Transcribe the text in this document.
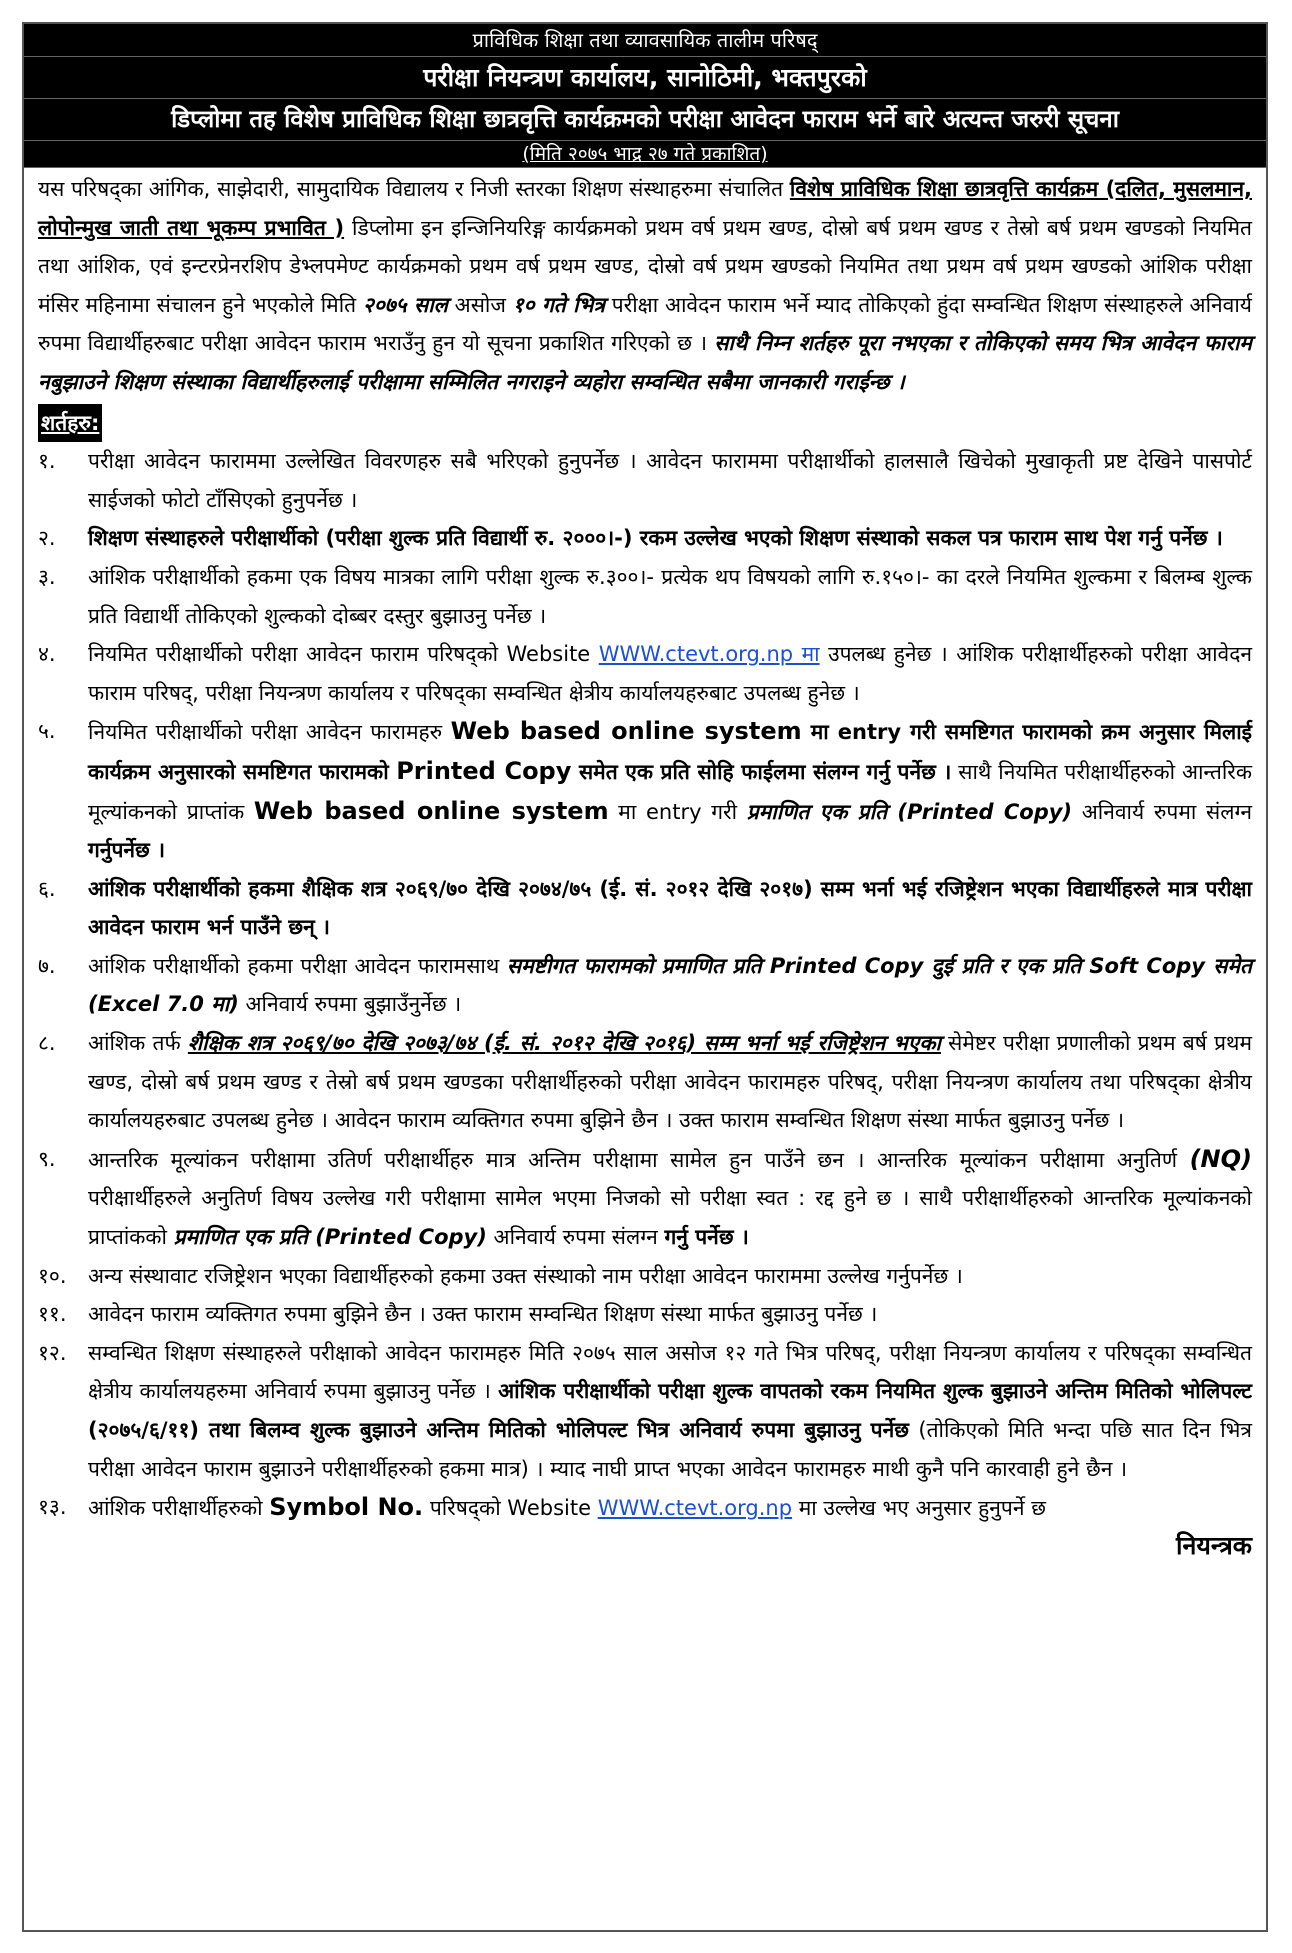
प्राविधिक शिक्षा तथा व्यावसायिक तालीम परिषद्
परीक्षा नियन्त्रण कार्यालय, सानोठिमी, भक्तपुरको
डिप्लोमा तह विशेष प्राविधिक शिक्षा छात्रवृत्ति कार्यक्रमको परीक्षा आवेदन फाराम भर्ने बारे अत्यन्त जरुरी सूचना
(मिति २०७५ भाद्र २७ गते प्रकाशित)
यस परिषद्का आंगिक, साझेदारी, सामुदायिक विद्यालय र निजी स्तरका शिक्षण संस्थाहरुमा संचालित विशेष प्राविधिक शिक्षा छात्रवृत्ति कार्यक्रम (दलित, मुसलमान, लोपोन्मुख जाती तथा भूकम्प प्रभावित ) डिप्लोमा इन इन्जिनियरिङ्ग कार्यक्रमको प्रथम वर्ष प्रथम खण्ड, दोस्रो बर्ष प्रथम खण्ड र तेस्रो बर्ष प्रथम खण्डको नियमित तथा आंशिक, एवं इन्टरप्रेनरशिप डेभ्लपमेण्ट कार्यक्रमको प्रथम वर्ष प्रथम खण्ड, दोस्रो वर्ष प्रथम खण्डको नियमित तथा प्रथम वर्ष प्रथम खण्डको आंशिक परीक्षा मंसिर महिनामा संचालन हुने भएकोले मिति २०७५ साल असोज १० गते भित्र परीक्षा आवेदन फाराम भर्ने म्याद तोकिएको हुंदा सम्वन्धित शिक्षण संस्थाहरुले अनिवार्य रुपमा विद्यार्थीहरुबाट परीक्षा आवेदन फाराम भराउँनु हुन यो सूचना प्रकाशित गरिएको छ । साथै निम्न शर्तहरु पूरा नभएका र तोकिएको समय भित्र आवेदन फाराम नबुझाउने शिक्षण संस्थाका विद्यार्थीहरुलाई परीक्षामा सम्मिलित नगराइने व्यहोरा सम्वन्धित सबैमा जानकारी गराईन्छ ।
शर्तहरु:
१.	परीक्षा आवेदन फाराममा उल्लेखित विवरणहरु सबै भरिएको हुनुपर्नेछ । आवेदन फाराममा परीक्षार्थीको हालसालै खिचेको मुखाकृती प्रष्ट देखिने पासपोर्ट साईजको फोटो टाँसिएको हुनुपर्नेछ ।
२.	शिक्षण संस्थाहरुले परीक्षार्थीको (परीक्षा शुल्क प्रति विद्यार्थी रु. २०००।-) रकम उल्लेख भएको शिक्षण संस्थाको सकल पत्र फाराम साथ पेश गर्नु पर्नेछ ।
३.	आंशिक परीक्षार्थीको हकमा एक विषय मात्रका लागि परीक्षा शुल्क रु.३००।- प्रत्येक थप विषयको लागि रु.१५०।- का दरले नियमित शुल्कमा र बिलम्ब शुल्क प्रति विद्यार्थी तोकिएको शुल्कको दोब्बर दस्तुर बुझाउनु पर्नेछ ।
४.	नियमित परीक्षार्थीको परीक्षा आवेदन फाराम परिषद्को Website WWW.ctevt.org.np मा उपलब्ध हुनेछ । आंशिक परीक्षार्थीहरुको परीक्षा आवेदन फाराम परिषद्, परीक्षा नियन्त्रण कार्यालय र परिषद्का सम्वन्धित क्षेत्रीय कार्यालयहरुबाट उपलब्ध हुनेछ ।
५.	नियमित परीक्षार्थीको परीक्षा आवेदन फारामहरु Web based online system मा entry गरी समष्टिगत फारामको क्रम अनुसार मिलाई कार्यक्रम अनुसारको समष्टिगत फारामको Printed Copy समेत एक प्रति सोहि फाईलमा संलग्न गर्नु पर्नेछ । साथै नियमित परीक्षार्थीहरुको आन्तरिक मूल्यांकनको प्राप्तांक Web based online system मा entry गरी प्रमाणित एक प्रति (Printed Copy) अनिवार्य रुपमा संलग्न गर्नुपर्नेछ ।
६.	आंशिक परीक्षार्थीको हकमा शैक्षिक शत्र २०६९/७० देखि २०७४/७५ (ई. सं. २०१२ देखि २०१७) सम्म भर्ना भई रजिष्ट्रेशन भएका विद्यार्थीहरुले मात्र परीक्षा आवेदन फाराम भर्न पाउँने छन् ।
७.	आंशिक परीक्षार्थीको हकमा परीक्षा आवेदन फारामसाथ समष्टीगत फारामको प्रमाणित प्रति Printed Copy दुई प्रति र एक प्रति Soft Copy समेत (Excel 7.0 मा) अनिवार्य रुपमा बुझाउँनुर्नेछ ।
८.	आंशिक तर्फ शैक्षिक शत्र २०६९/७० देखि २०७३/७४ (ई. सं. २०१२ देखि २०१६) सम्म भर्ना भई रजिष्ट्रेशन भएका सेमेष्टर परीक्षा प्रणालीको प्रथम बर्ष प्रथम खण्ड, दोस्रो बर्ष प्रथम खण्ड र तेस्रो बर्ष प्रथम खण्डका परीक्षार्थीहरुको परीक्षा आवेदन फारामहरु परिषद्, परीक्षा नियन्त्रण कार्यालय तथा परिषद्का क्षेत्रीय कार्यालयहरुबाट उपलब्ध हुनेछ । आवेदन फाराम व्यक्तिगत रुपमा बुझिने छैन । उक्त फाराम सम्वन्धित शिक्षण संस्था मार्फत बुझाउनु पर्नेछ ।
९.	आन्तरिक मूल्यांकन परीक्षामा उतिर्ण परीक्षार्थीहरु मात्र अन्तिम परीक्षामा सामेल हुन पाउँने छन । आन्तरिक मूल्यांकन परीक्षामा अनुतिर्ण (NQ) परीक्षार्थीहरुले अनुतिर्ण विषय उल्लेख गरी परीक्षामा सामेल भएमा निजको सो परीक्षा स्वत : रद्द हुने छ । साथै परीक्षार्थीहरुको आन्तरिक मूल्यांकनको प्राप्तांकको प्रमाणित एक प्रति (Printed Copy) अनिवार्य रुपमा संलग्न गर्नु पर्नेछ ।
१०.	अन्य संस्थावाट रजिष्ट्रेशन भएका विद्यार्थीहरुको हकमा उक्त संस्थाको नाम परीक्षा आवेदन फाराममा उल्लेख गर्नुपर्नेछ ।
११.	आवेदन फाराम व्यक्तिगत रुपमा बुझिने छैन । उक्त फाराम सम्वन्धित शिक्षण संस्था मार्फत बुझाउनु पर्नेछ ।
१२.	सम्वन्धित शिक्षण संस्थाहरुले परीक्षाको आवेदन फारामहरु मिति २०७५ साल असोज १२ गते भित्र परिषद्, परीक्षा नियन्त्रण कार्यालय र परिषद्का सम्वन्धित क्षेत्रीय कार्यालयहरुमा अनिवार्य रुपमा बुझाउनु पर्नेछ । आंशिक परीक्षार्थीको परीक्षा शुल्क वापतको रकम नियमित शुल्क बुझाउने अन्तिम मितिको भोलिपल्ट (२०७५/६/११) तथा बिलम्व शुल्क बुझाउने अन्तिम मितिको भोलिपल्ट भित्र अनिवार्य रुपमा बुझाउनु पर्नेछ (तोकिएको मिति भन्दा पछि सात दिन भित्र परीक्षा आवेदन फाराम बुझाउने परीक्षार्थीहरुको हकमा मात्र) । म्याद नाघी प्राप्त भएका आवेदन फारामहरु माथी कुनै पनि कारवाही हुने छैन ।
१३.	आंशिक परीक्षार्थीहरुको Symbol No. परिषद्को Website WWW.ctevt.org.np मा उल्लेख भए अनुसार हुनुपर्ने छ
नियन्त्रक
